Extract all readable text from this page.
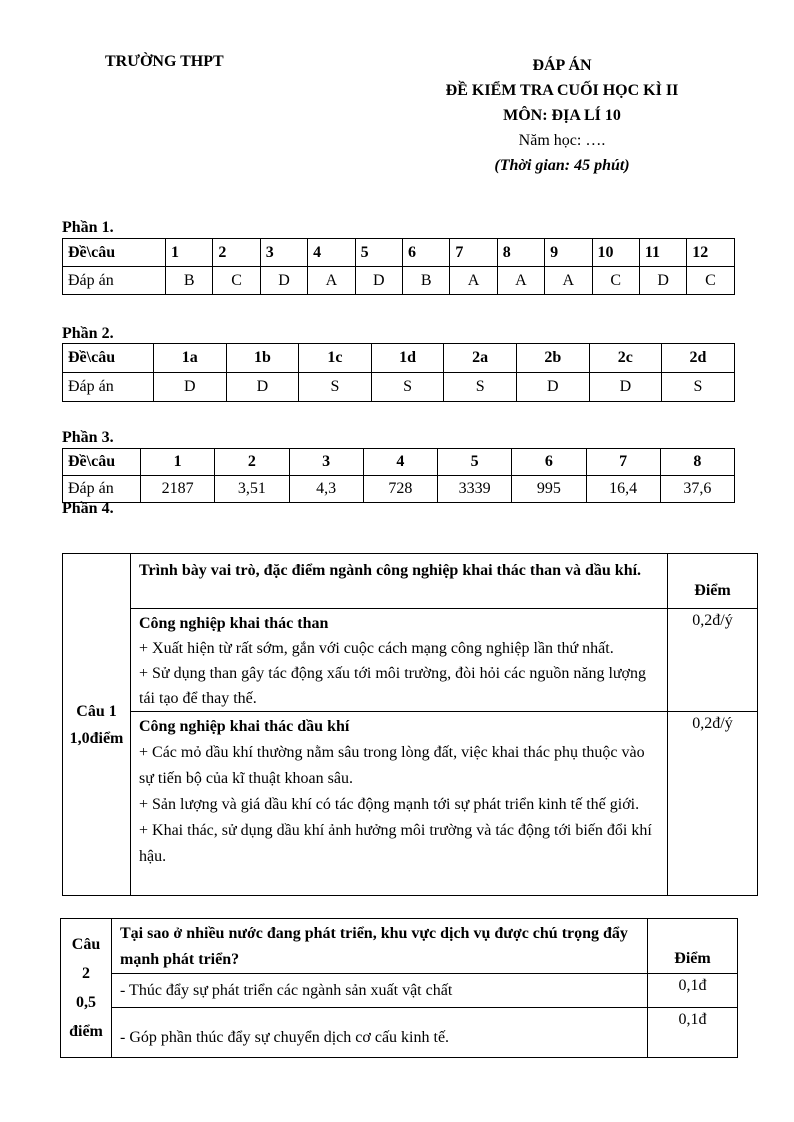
TRƯỜNG THPT	ĐÁP ÁN
ĐỀ KIỂM TRA CUỐI HỌC KÌ II
MÔN: ĐỊA LÍ 10
Năm học: ….
(Thời gian: 45 phút)
Phần 1.
Đề\câu	1	2	3	4	5	6	7	8	9	10	11	12
Đáp án	B	C	D	A	D	B	A	A	A	C	D	C
Phần 2.
Đề\câu	1a	1b	1c	1d	2a	2b	2c	2d
Đáp án	D	D	S	S	S	D	D	S
Phần 3.
Đề\câu	1	2	3	4	5	6	7	8
Đáp án	2187	3,51	4,3	728	3339	995	16,4	37,6
Phần 4.
Câu 1
1,0điểm	Trình bày vai trò, đặc điểm ngành công nghiệp khai thác than và dầu khí.	Điểm

	Công nghiệp khai thác than
+ Xuất hiện từ rất sớm, gắn với cuộc cách mạng công nghiệp lần thứ nhất.
+ Sử dụng than gây tác động xấu tới môi trường, đòi hỏi các nguồn năng lượng tái tạo để thay thế.	0,2đ/ý

	Công nghiệp khai thác dầu khí
+ Các mỏ dầu khí thường nằm sâu trong lòng đất, việc khai thác phụ thuộc vào sự tiến bộ của kĩ thuật khoan sâu.
+ Sản lượng và giá dầu khí có tác động mạnh tới sự phát triển kinh tế thế giới.
+ Khai thác, sử dụng dầu khí ảnh hưởng môi trường và tác động tới biến đổi khí hậu.	0,2đ/ý
Câu
2
0,5
điểm	Tại sao ở nhiều nước đang phát triển, khu vực dịch vụ được chú trọng đẩy mạnh phát triển?	Điểm
	- Thúc đẩy sự phát triển các ngành sản xuất vật chất	0,1đ
	- Góp phần thúc đẩy sự chuyển dịch cơ cấu kinh tế.	0,1đ
